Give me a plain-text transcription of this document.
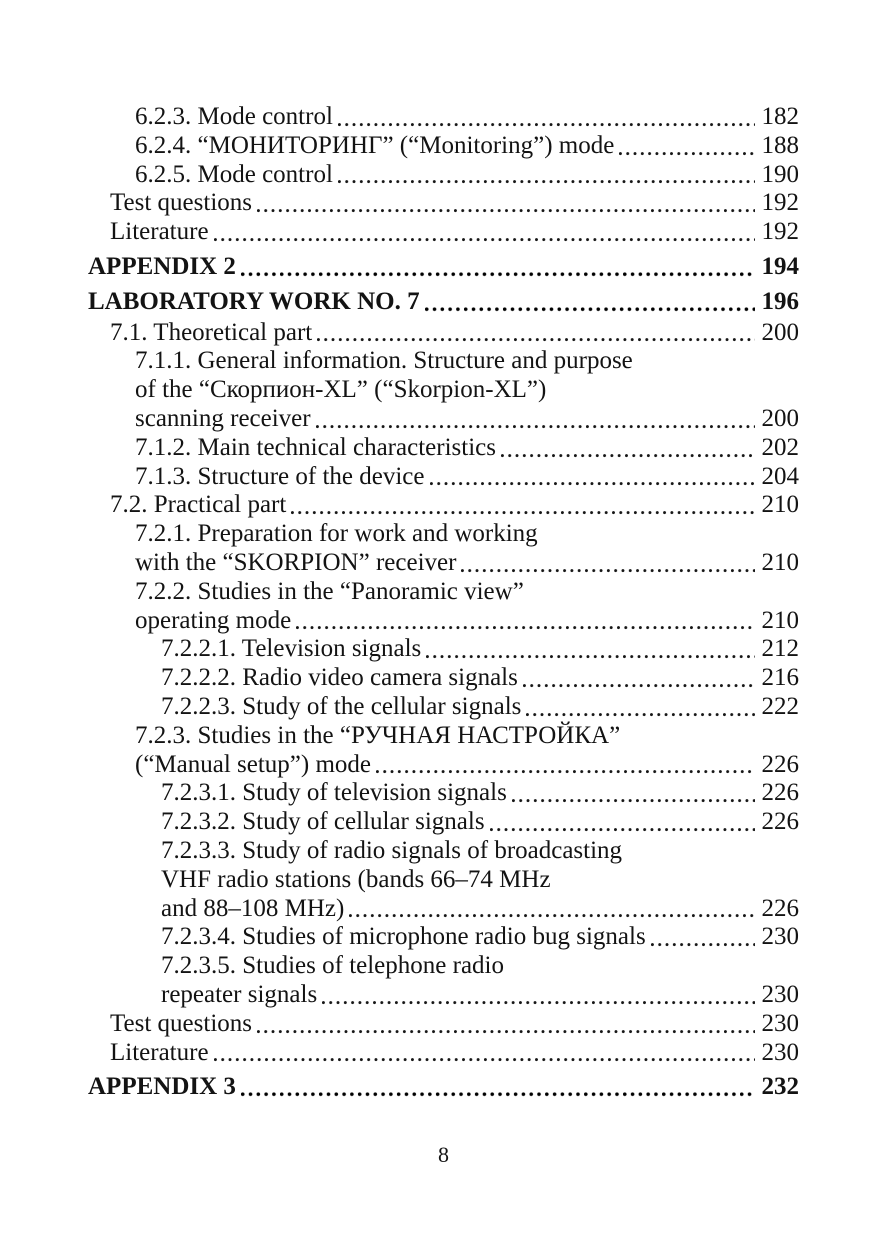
6.2.3. Mode control	182
6.2.4. “МОНИТОРИНГ” (“Monitoring”) mode	188
6.2.5. Mode control	190
Test questions	192
Literature	192
APPENDIX 2	194
LABORATORY WORK NO. 7	196
7.1. Theoretical part	200
7.1.1. General information. Structure and purpose
of the “Скорпион-XL” (“Skorpion-XL”)
scanning receiver	200
7.1.2. Main technical characteristics	202
7.1.3. Structure of the device	204
7.2. Practical part	210
7.2.1. Preparation for work and working
with the “SKORPION” receiver	210
7.2.2. Studies in the “Panoramic view”
operating mode	210
7.2.2.1. Television signals	212
7.2.2.2. Radio video camera signals	216
7.2.2.3. Study of the cellular signals	222
7.2.3. Studies in the “РУЧНАЯ НАСТРОЙКА”
(“Manual setup”) mode	226
7.2.3.1. Study of television signals	226
7.2.3.2. Study of cellular signals	226
7.2.3.3. Study of radio signals of broadcasting
VHF radio stations (bands 66–74 MHz
and 88–108 MHz)	226
7.2.3.4. Studies of microphone radio bug signals	230
7.2.3.5. Studies of telephone radio
repeater signals	230
Test questions	230
Literature	230
APPENDIX 3	232
8
